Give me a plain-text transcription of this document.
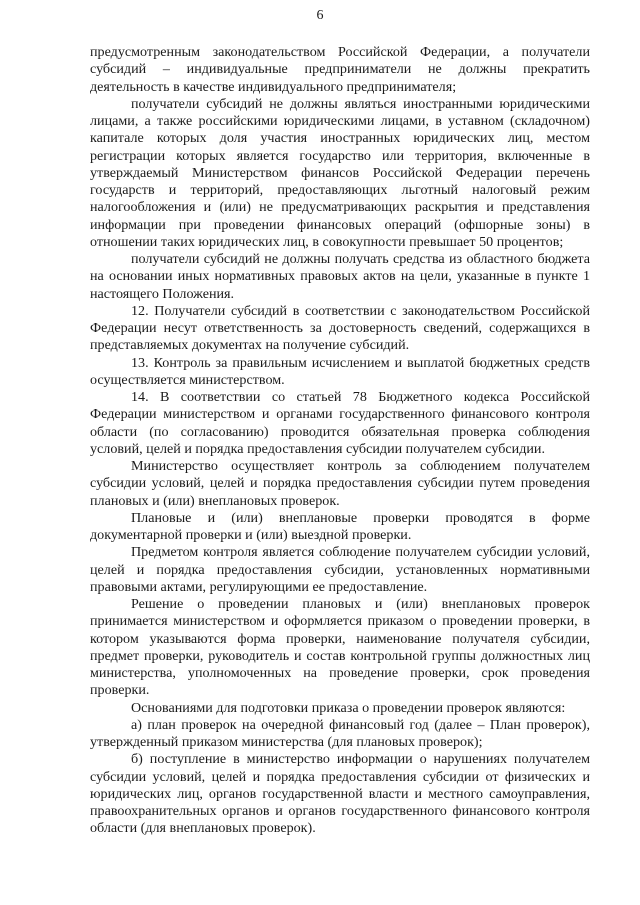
6

предусмотренным законодательством Российской Федерации, а получатели субсидий – индивидуальные предприниматели не должны прекратить деятельность в качестве индивидуального предпринимателя;

получатели субсидий не должны являться иностранными юридическими лицами, а также российскими юридическими лицами, в уставном (складочном) капитале которых доля участия иностранных юридических лиц, местом регистрации которых является государство или территория, включенные в утверждаемый Министерством финансов Российской Федерации перечень государств и территорий, предоставляющих льготный налоговый режим налогообложения и (или) не предусматривающих раскрытия и представления информации при проведении финансовых операций (офшорные зоны) в отношении таких юридических лиц, в совокупности превышает 50 процентов;

получатели субсидий не должны получать средства из областного бюджета на основании иных нормативных правовых актов на цели, указанные в пункте 1 настоящего Положения.

12. Получатели субсидий в соответствии с законодательством Российской Федерации несут ответственность за достоверность сведений, содержащихся в представляемых документах на получение субсидий.

13. Контроль за правильным исчислением и выплатой бюджетных средств осуществляется министерством.

14. В соответствии со статьей 78 Бюджетного кодекса Российской Федерации министерством и органами государственного финансового контроля области (по согласованию) проводится обязательная проверка соблюдения условий, целей и порядка предоставления субсидии получателем субсидии.

Министерство осуществляет контроль за соблюдением получателем субсидии условий, целей и порядка предоставления субсидии путем проведения плановых и (или) внеплановых проверок.

Плановые и (или) внеплановые проверки проводятся в форме документарной проверки и (или) выездной проверки.

Предметом контроля является соблюдение получателем субсидии условий, целей и порядка предоставления субсидии, установленных нормативными правовыми актами, регулирующими ее предоставление.

Решение о проведении плановых и (или) внеплановых проверок принимается министерством и оформляется приказом о проведении проверки, в котором указываются форма проверки, наименование получателя субсидии, предмет проверки, руководитель и состав контрольной группы должностных лиц министерства, уполномоченных на проведение проверки, срок проведения проверки.

Основаниями для подготовки приказа о проведении проверок являются:

а) план проверок на очередной финансовый год (далее – План проверок), утвержденный приказом министерства (для плановых проверок);

б) поступление в министерство информации о нарушениях получателем субсидии условий, целей и порядка предоставления субсидии от физических и юридических лиц, органов государственной власти и местного самоуправления, правоохранительных органов и органов государственного финансового контроля области (для внеплановых проверок).
